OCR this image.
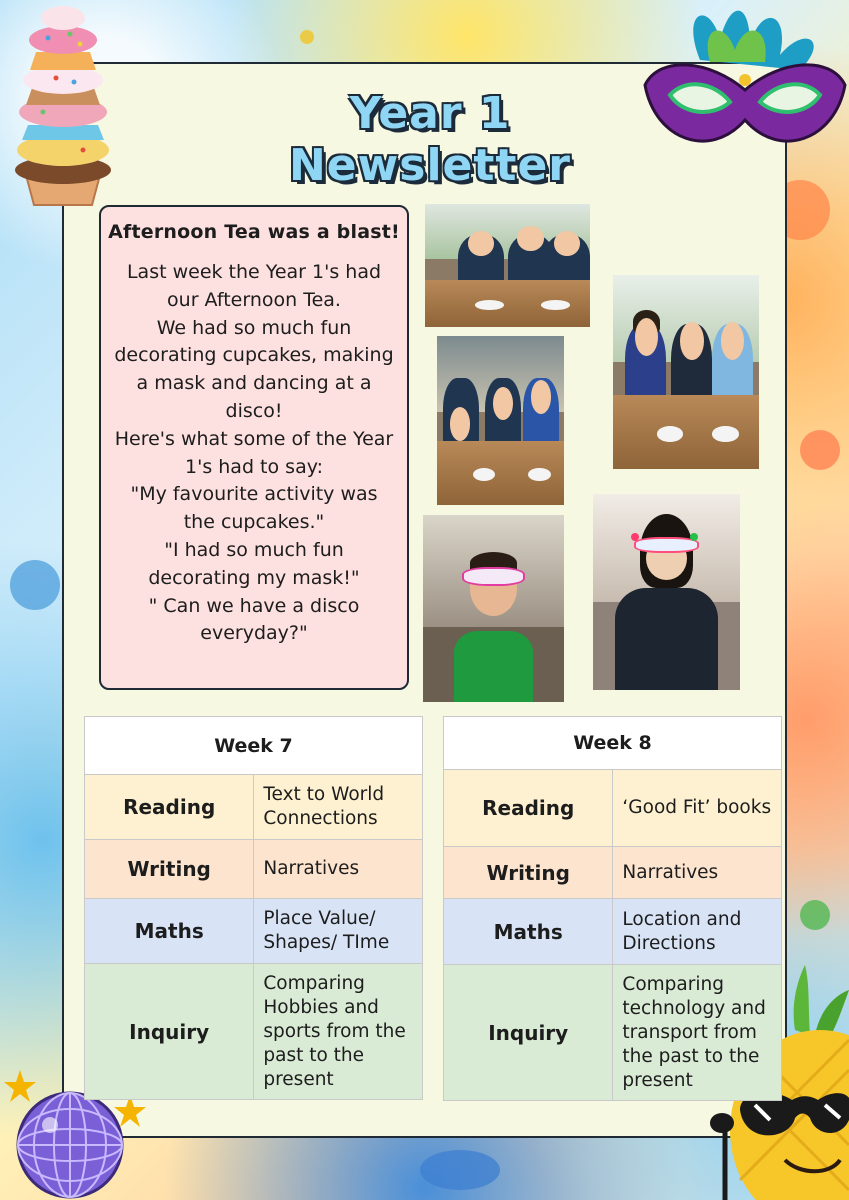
Year 1
Newsletter
Afternoon Tea was a blast!

Last week the Year 1's had
our Afternoon Tea.
We had so much fun
decorating cupcakes, making
a mask and dancing at a
disco!
Here's what some of the Year
1's had to say:
"My favourite activity was
the cupcakes."
"I had so much fun
decorating my mask!"
" Can we have a disco
everyday?"

Week 7	
Reading	Text to World Connections
Writing	Narratives
Maths	Place Value/ Shapes/ TIme
Inquiry	Comparing Hobbies and sports from the past to the present
Week 8	
Reading	‘Good Fit’ books
Writing	Narratives
Maths	Location and Directions
Inquiry	Comparing technology and transport from the past to the present
